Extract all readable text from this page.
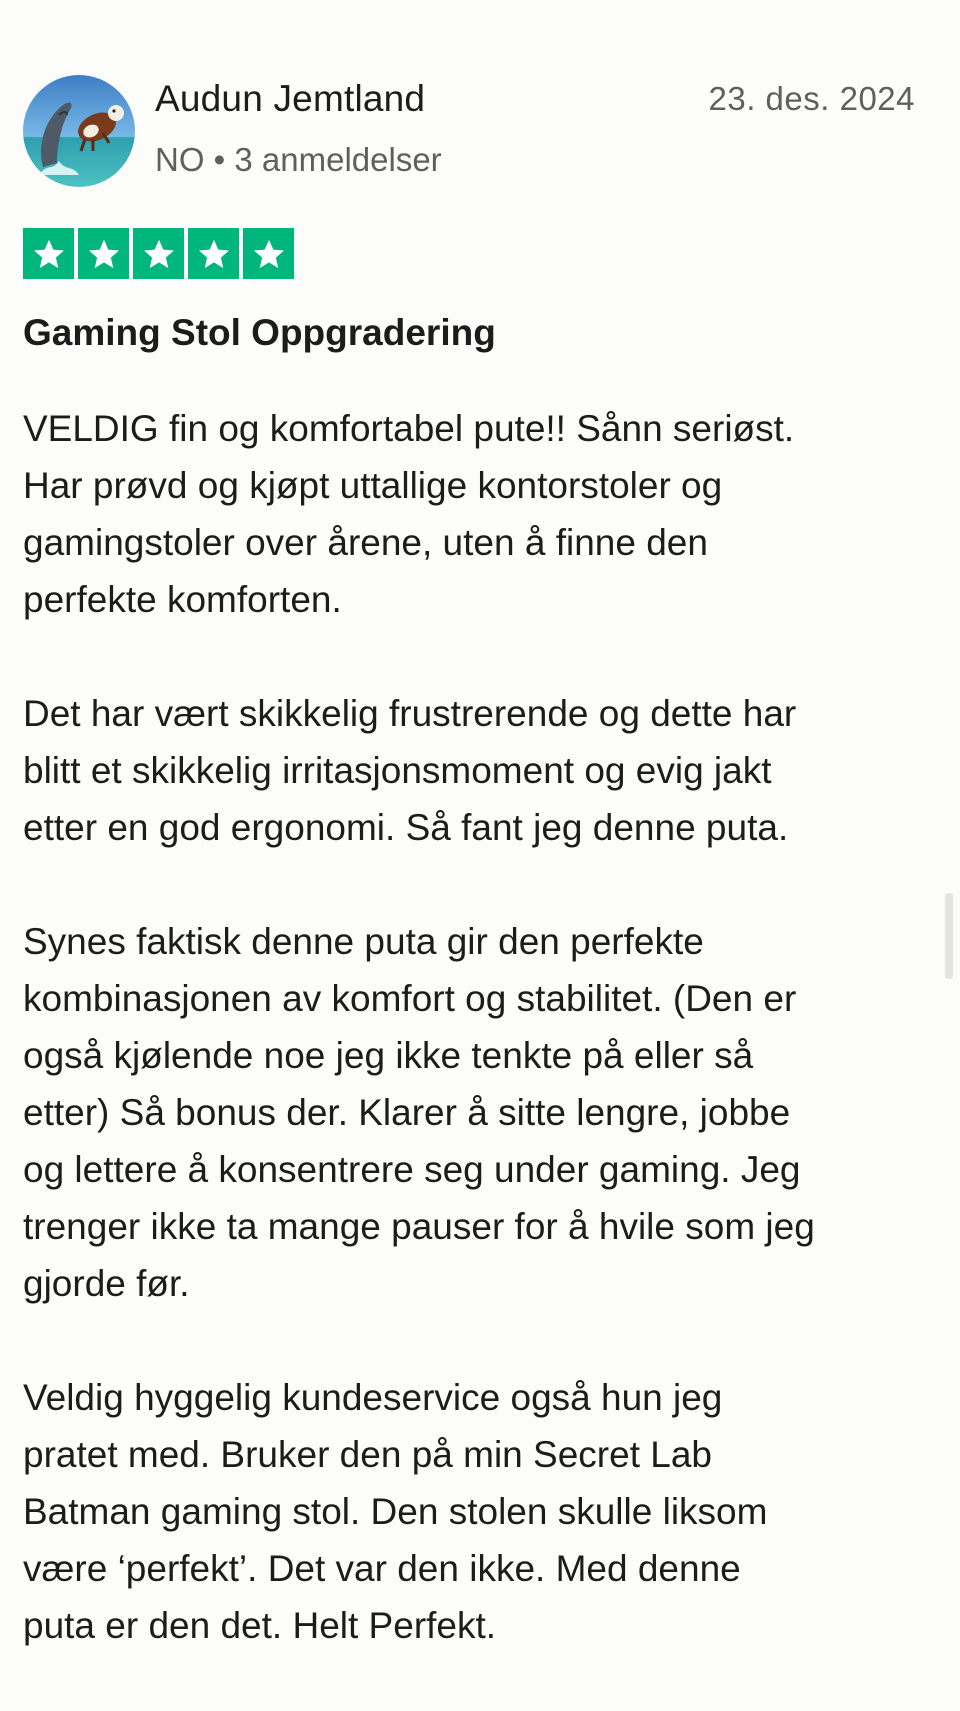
Audun Jemtland
NO • 3 anmeldelser
23. des. 2024
Gaming Stol Oppgradering

VELDIG fin og komfortabel pute!! Sånn seriøst.
Har prøvd og kjøpt uttallige kontorstoler og
gamingstoler over årene, uten å finne den
perfekte komforten.

Det har vært skikkelig frustrerende og dette har
blitt et skikkelig irritasjonsmoment og evig jakt
etter en god ergonomi. Så fant jeg denne puta.

Synes faktisk denne puta gir den perfekte
kombinasjonen av komfort og stabilitet. (Den er
også kjølende noe jeg ikke tenkte på eller så
etter) Så bonus der. Klarer å sitte lengre, jobbe
og lettere å konsentrere seg under gaming. Jeg
trenger ikke ta mange pauser for å hvile som jeg
gjorde før.

Veldig hyggelig kundeservice også hun jeg
pratet med. Bruker den på min Secret Lab
Batman gaming stol. Den stolen skulle liksom
være ‘perfekt’. Det var den ikke. Med denne
puta er den det. Helt Perfekt.
